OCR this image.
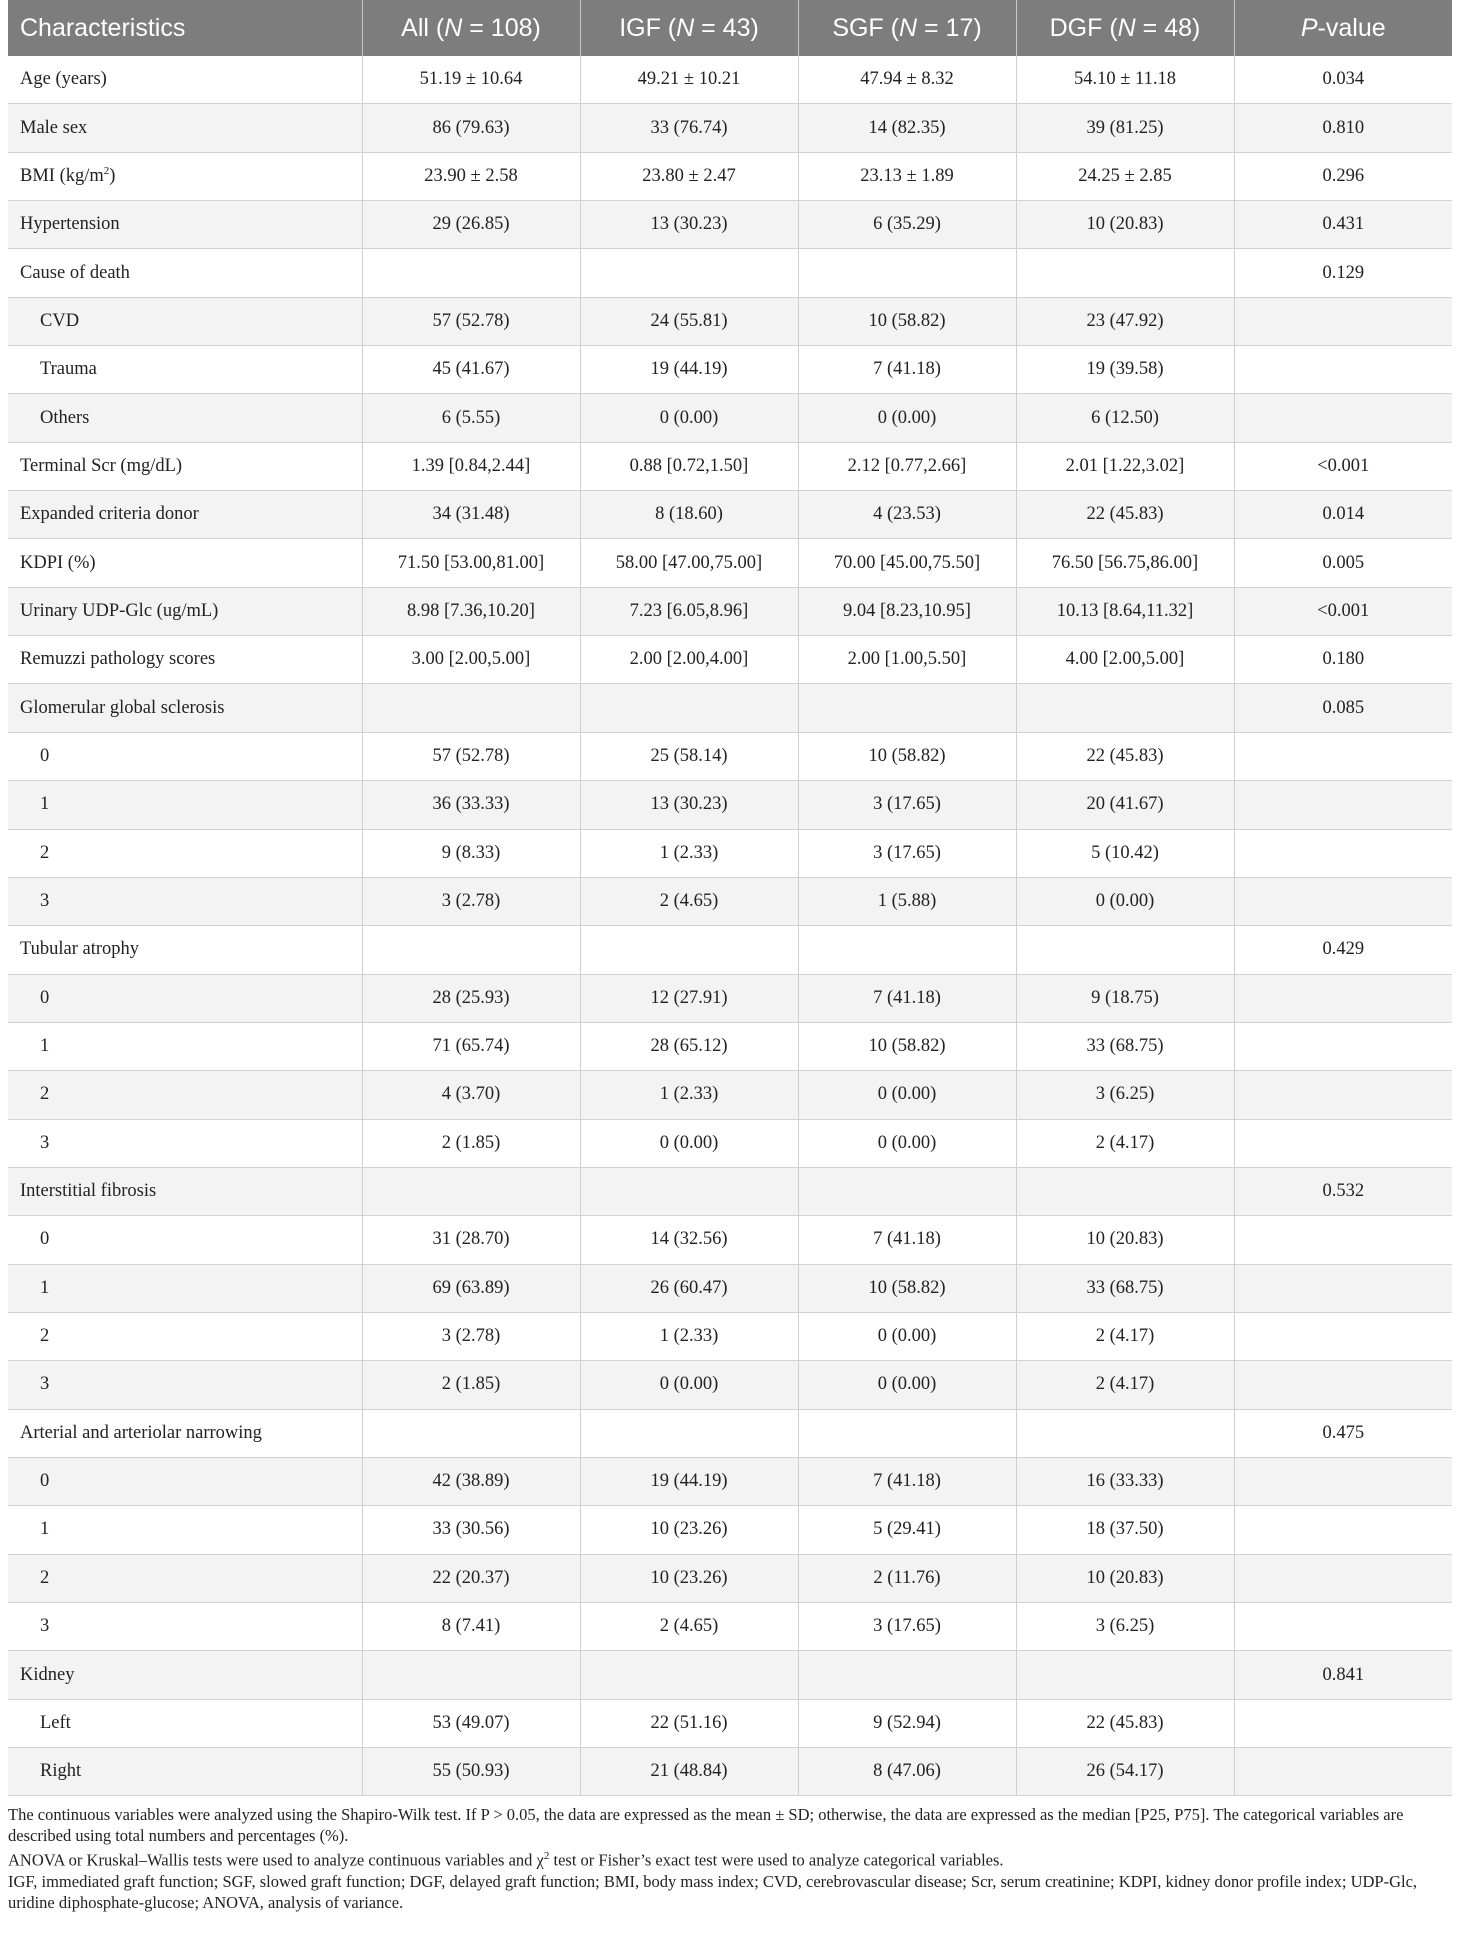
Characteristics	All (N = 108)	IGF (N = 43)	SGF (N = 17)	DGF (N = 48)	P-value
Age (years)	51.19 ± 10.64	49.21 ± 10.21	47.94 ± 8.32	54.10 ± 11.18	0.034
Male sex	86 (79.63)	33 (76.74)	14 (82.35)	39 (81.25)	0.810
BMI $(kg/m^2)$	23.90 ± 2.58	23.80 ± 2.47	23.13 ± 1.89	24.25 ± 2.85	0.296
Hypertension	29 (26.85)	13 (30.23)	6 (35.29)	10 (20.83)	0.431
Cause of death					0.129
CVD	57 (52.78)	24 (55.81)	10 (58.82)	23 (47.92)	
Trauma	45 (41.67)	19 (44.19)	7 (41.18)	19 (39.58)	
Others	6 (5.55)	0 (0.00)	0 (0.00)	6 (12.50)	
Terminal Scr (mg/dL)	1.39 [0.84,2.44]	0.88 [0.72,1.50]	2.12 [0.77,2.66]	2.01 [1.22,3.02]	<0.001
Expanded criteria donor	34 (31.48)	8 (18.60)	4 (23.53)	22 (45.83)	0.014
KDPI (%)	71.50 [53.00,81.00]	58.00 [47.00,75.00]	70.00 [45.00,75.50]	76.50 [56.75,86.00]	0.005
Urinary UDP-Glc (ug/mL)	8.98 [7.36,10.20]	7.23 [6.05,8.96]	9.04 [8.23,10.95]	10.13 [8.64,11.32]	<0.001
Remuzzi pathology scores	3.00 [2.00,5.00]	2.00 [2.00,4.00]	2.00 [1.00,5.50]	4.00 [2.00,5.00]	0.180
Glomerular global sclerosis					0.085
0	57 (52.78)	25 (58.14)	10 (58.82)	22 (45.83)	
1	36 (33.33)	13 (30.23)	3 (17.65)	20 (41.67)	
2	9 (8.33)	1 (2.33)	3 (17.65)	5 (10.42)	
3	3 (2.78)	2 (4.65)	1 (5.88)	0 (0.00)	
Tubular atrophy					0.429
0	28 (25.93)	12 (27.91)	7 (41.18)	9 (18.75)	
1	71 (65.74)	28 (65.12)	10 (58.82)	33 (68.75)	
2	4 (3.70)	1 (2.33)	0 (0.00)	3 (6.25)	
3	2 (1.85)	0 (0.00)	0 (0.00)	2 (4.17)	
Interstitial fibrosis					0.532
0	31 (28.70)	14 (32.56)	7 (41.18)	10 (20.83)	
1	69 (63.89)	26 (60.47)	10 (58.82)	33 (68.75)	
2	3 (2.78)	1 (2.33)	0 (0.00)	2 (4.17)	
3	2 (1.85)	0 (0.00)	0 (0.00)	2 (4.17)	
Arterial and arteriolar narrowing					0.475
0	42 (38.89)	19 (44.19)	7 (41.18)	16 (33.33)	
1	33 (30.56)	10 (23.26)	5 (29.41)	18 (37.50)	
2	22 (20.37)	10 (23.26)	2 (11.76)	10 (20.83)	
3	8 (7.41)	2 (4.65)	3 (17.65)	3 (6.25)	
Kidney					0.841
Left	53 (49.07)	22 (51.16)	9 (52.94)	22 (45.83)	
Right	55 (50.93)	21 (48.84)	8 (47.06)	26 (54.17)	

The continuous variables were analyzed using the Shapiro-Wilk test. If P > 0.05, the data are expressed as the mean ± SD; otherwise, the data are expressed as the median [P25, P75]. The categorical variables are described using total numbers and percentages (%).

ANOVA or Kruskal–Wallis tests were used to analyze continuous variables and $\chi^2$ test or Fisher’s exact test were used to analyze categorical variables.

IGF, immediated graft function; SGF, slowed graft function; DGF, delayed graft function; BMI, body mass index; CVD, cerebrovascular disease; Scr, serum creatinine; KDPI, kidney donor profile index; UDP-Glc, uridine diphosphate-glucose; ANOVA, analysis of variance.
